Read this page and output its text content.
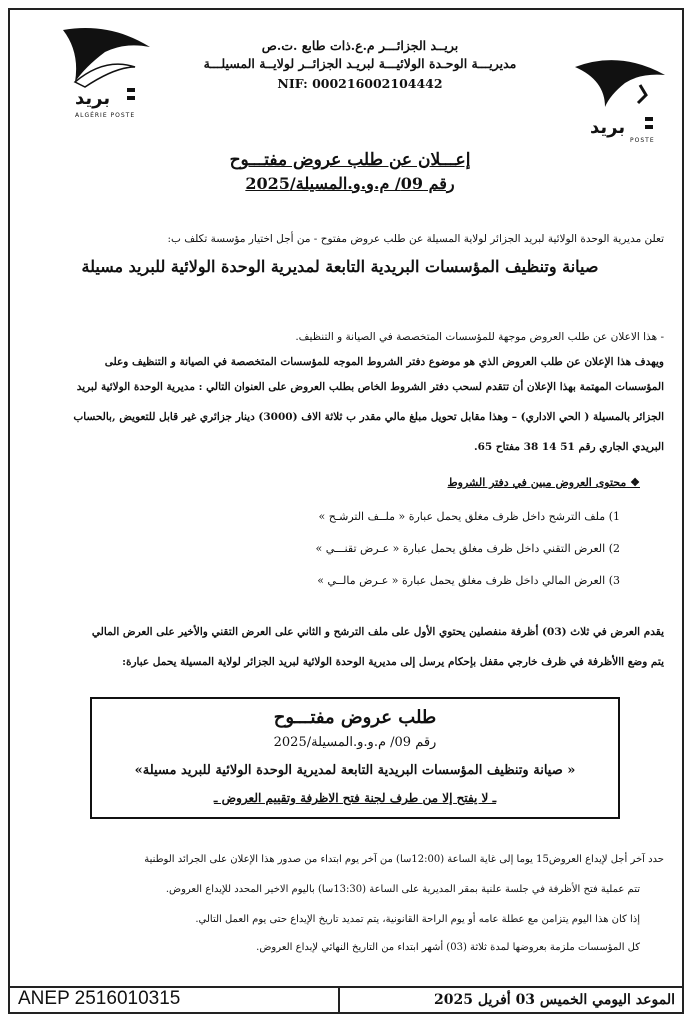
بريد
ALGÉRIE POSTE
بريد
POSTE
بريــد الجزائـــر م.ع.ذات طابع .ت.ص
مديريـــة الوحـدة الولائيـــة لبريـد الجزائــر لولايــة المسيلـــة
NIF: 000216002104442
إعـــلان عن طلب عروض مفتـــوح
رقم 09/ م.و.و.المسيلة/2025
تعلن مديرية الوحدة الولائية لبريد الجزائر لولاية المسيلة عن طلب عروض مفتوح - من أجل اختيار مؤسسة تكلف ب:
صيانة وتنظيف المؤسسات البريدية التابعة لمديرية الوحدة الولائية للبريد مسيلة
- هذا الاعلان عن طلب العروض موجهة للمؤسسات المتخصصة في الصيانة و التنظيف.
ويهدف هذا الإعلان عن طلب العروض الذي هو موضوع دفتر الشروط الموجه للمؤسسات المتخصصة في الصيانة و التنظيف وعلى
المؤسسات المهتمة بهذا الإعلان أن تتقدم لسحب دفتر الشروط الخاص بطلب العروض على العنوان التالي : مديرية الوحدة الولائية لبريد
الجزائر بالمسيلة ( الحي الاداري) – وهذا مقابل تحويل مبلغ مالي مقدر ب ثلاثة الاف (3000) دينار جزائري غير قابل للتعويض ,بالحساب
البريدي الجاري رقم 51 14 38 مفتاح 65.
❖ محتوى العروض مبين في دفتر الشروط
1) ملف الترشح داخل ظرف مغلق يحمل عبارة « ملــف الترشـح »
2) العرض التقني داخل ظرف مغلق يحمل عبارة « عـرض تقنـــي »
3) العرض المالي داخل ظرف مغلق يحمل عبارة « عـرض مالــي »
يقدم العرض في ثلاث (03) أظرفة منفصلين يحتوي الأول على ملف الترشح و الثاني على العرض التقني والأخير على العرض المالي
يتم وضع االأظرفة في ظرف خارجي مقفل بإحكام يرسل إلى مديرية الوحدة الولائية لبريد الجزائر لولاية المسيلة يحمل عبارة:
طلب عروض مفتـــوح
رقم 09/ م.و.و.المسيلة/2025
« صيانة وتنظيف المؤسسات البريدية التابعة لمديرية الوحدة الولائية للبريد مسيلة»
ـ لا يفتح إلا من طرف لجنة فتح الاظرفة وتقييم العروض ـ
حدد آخر أجل لإيداع العروض15 يوما إلى غاية الساعة (12:00سا) من آخر يوم ابتداء من صدور هذا الإعلان على الجرائد الوطنية
تتم عملية فتح الأظرفة في جلسة علنية بمقر المديرية على الساعة (13:30سا) باليوم الاخير المحدد للإيداع العروض.
إذا كان هذا اليوم يتزامن مع عطلة عامه أو يوم الراحة القانونية، يتم تمديد تاريخ الإيداع حتى يوم العمل التالي.
كل المؤسسات ملزمة بعروضها لمدة ثلاثة (03) أشهر ابتداء من التاريخ النهائي لإبداع العروض.
ANEP 2516010315	الموعد اليومي الخميس 03 أفريل 2025
